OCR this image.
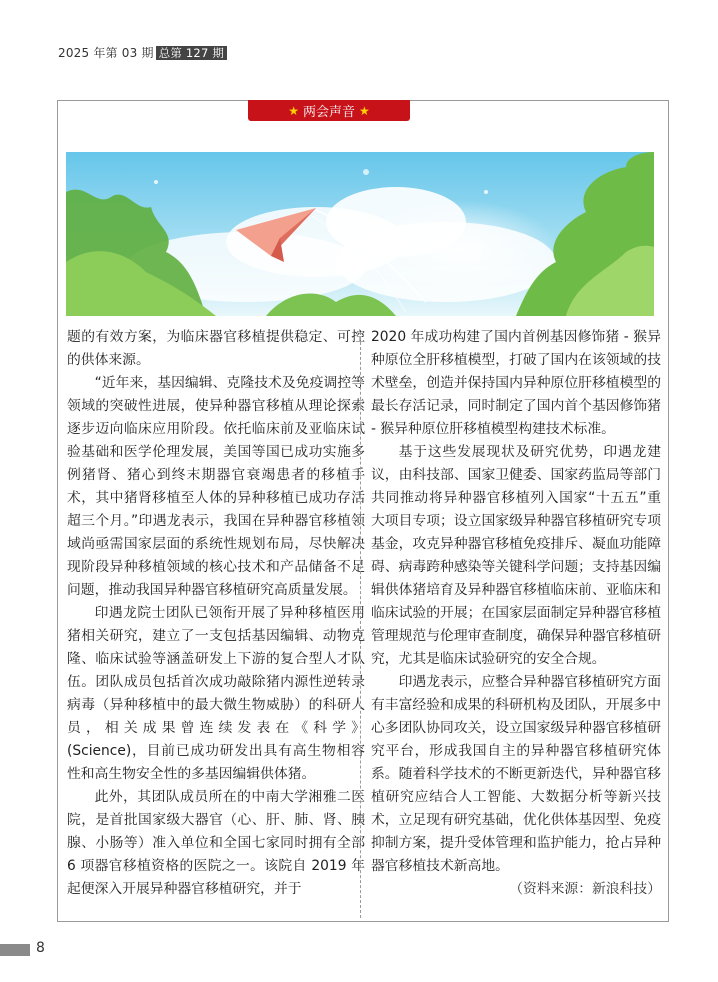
2025 年第 03 期 总第 127 期
★ 两会声音 ★

题的有效方案，为临床器官移植提供稳定、可控的供体来源。

“近年来，基因编辑、克隆技术及免疫调控等领域的突破性进展，使异种器官移植从理论探索逐步迈向临床应用阶段。依托临床前及亚临床试验基础和医学伦理发展，美国等国已成功实施多例猪肾、猪心到终末期器官衰竭患者的移植手术，其中猪肾移植至人体的异种移植已成功存活超三个月。”印遇龙表示，我国在异种器官移植领域尚亟需国家层面的系统性规划布局，尽快解决现阶段异种移植领域的核心技术和产品储备不足问题，推动我国异种器官移植研究高质量发展。

印遇龙院士团队已领衔开展了异种移植医用猪相关研究，建立了一支包括基因编辑、动物克隆、临床试验等涵盖研发上下游的复合型人才队伍。团队成员包括首次成功敲除猪内源性逆转录病毒（异种移植中的最大微生物威胁）的科研人员，相关成果曾连续发表在《科学》(Science)，目前已成功研发出具有高生物相容性和高生物安全性的多基因编辑供体猪。

此外，其团队成员所在的中南大学湘雅二医院，是首批国家级大器官（心、肝、肺、肾、胰腺、小肠等）准入单位和全国七家同时拥有全部 6 项器官移植资格的医院之一。该院自 2019 年起便深入开展异种器官移植研究，并于

2020 年成功构建了国内首例基因修饰猪 - 猴异种原位全肝移植模型，打破了国内在该领域的技术壁垒，创造并保持国内异种原位肝移植模型的最长存活记录，同时制定了国内首个基因修饰猪 - 猴异种原位肝移植模型构建技术标准。

基于这些发展现状及研究优势，印遇龙建议，由科技部、国家卫健委、国家药监局等部门共同推动将异种器官移植列入国家“十五五”重大项目专项；设立国家级异种器官移植研究专项基金，攻克异种器官移植免疫排斥、凝血功能障碍、病毒跨种感染等关键科学问题；支持基因编辑供体猪培育及异种器官移植临床前、亚临床和临床试验的开展；在国家层面制定异种器官移植管理规范与伦理审查制度，确保异种器官移植研究，尤其是临床试验研究的安全合规。

印遇龙表示，应整合异种器官移植研究方面有丰富经验和成果的科研机构及团队，开展多中心多团队协同攻关，设立国家级异种器官移植研究平台，形成我国自主的异种器官移植研究体系。随着科学技术的不断更新迭代，异种器官移植研究应结合人工智能、大数据分析等新兴技术，立足现有研究基础，优化供体基因型、免疫抑制方案，提升受体管理和监护能力，抢占异种器官移植技术新高地。

（资料来源：新浪科技）

8
